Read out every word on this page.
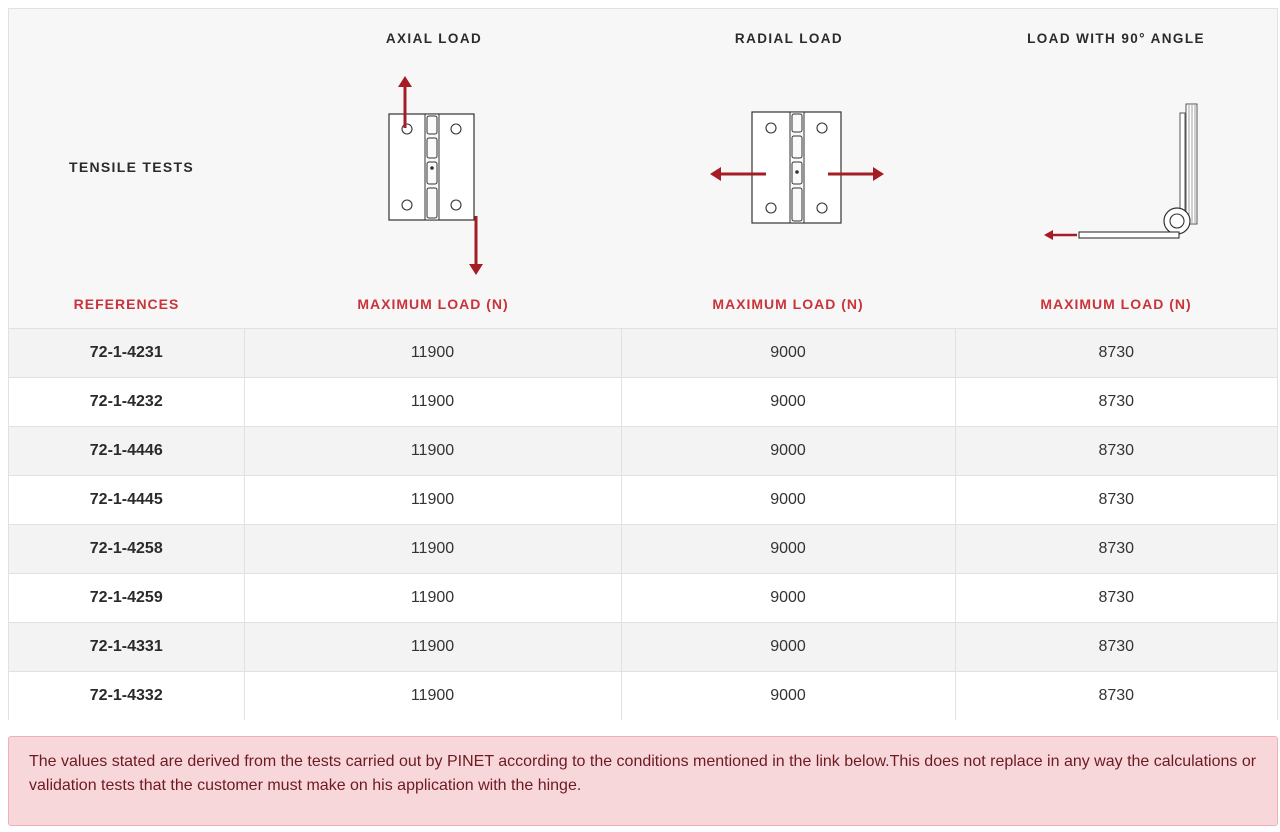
AXIAL LOAD	RADIAL LOAD	LOAD WITH 90° ANGLE
TENSILE TESTS
REFERENCES	MAXIMUM LOAD (N)	MAXIMUM LOAD (N)	MAXIMUM LOAD (N)
72-1-4231	11900	9000	8730
72-1-4232	11900	9000	8730
72-1-4446	11900	9000	8730
72-1-4445	11900	9000	8730
72-1-4258	11900	9000	8730
72-1-4259	11900	9000	8730
72-1-4331	11900	9000	8730
72-1-4332	11900	9000	8730
The values stated are derived from the tests carried out by PINET according to the conditions mentioned in the link below.This does not replace in any way the calculations or validation tests that the customer must make on his application with the hinge.
